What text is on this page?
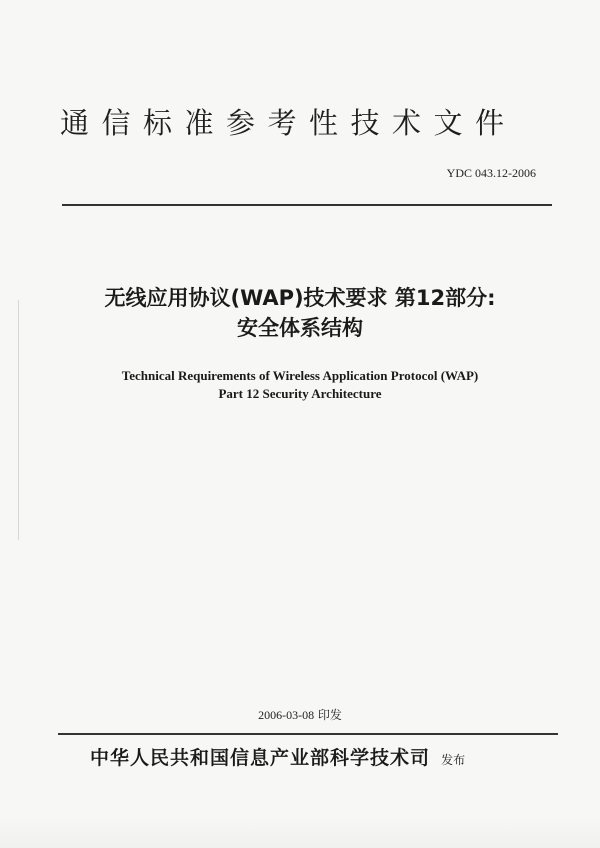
通信标准参考性技术文件
YDC 043.12-2006
无线应用协议(WAP)技术要求 第12部分:
安全体系结构
Technical Requirements of Wireless Application Protocol (WAP)
Part 12 Security Architecture
2006-03-08 印发
中华人民共和国信息产业部科学技术司 发布
